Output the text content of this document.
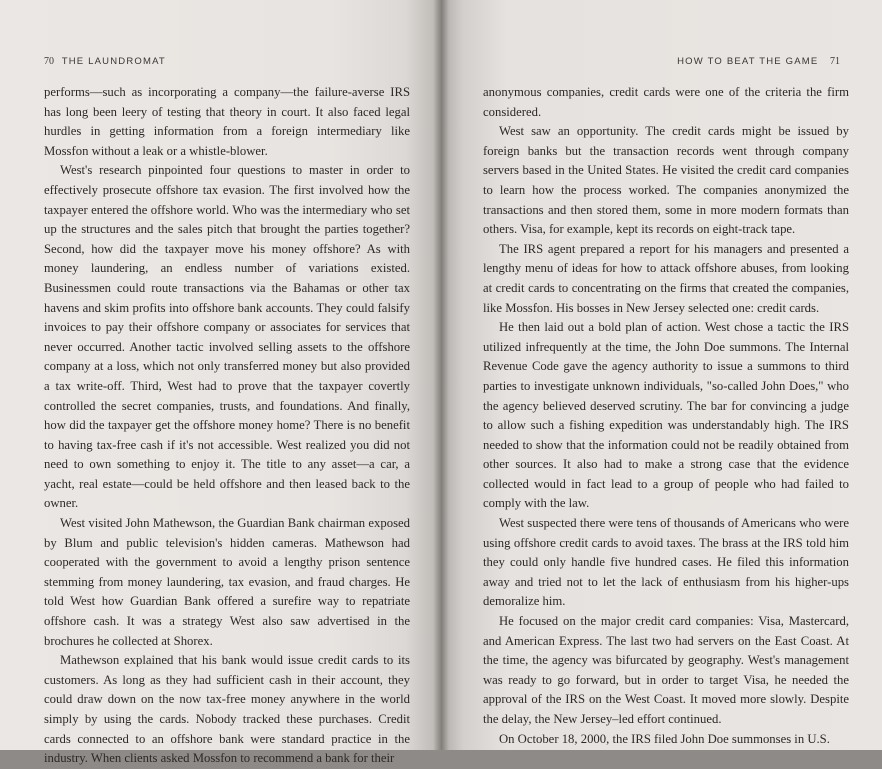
70 THE LAUNDROMAT

performs—such as incorporating a company—the failure-averse IRS has long been leery of testing that theory in court. It also faced legal hurdles in getting information from a foreign intermediary like Mossfon without a leak or a whistle-blower.

West's research pinpointed four questions to master in order to effectively prosecute offshore tax evasion. The first involved how the taxpayer entered the offshore world. Who was the intermediary who set up the structures and the sales pitch that brought the parties together? Second, how did the taxpayer move his money offshore? As with money laundering, an endless number of variations existed. Businessmen could route transactions via the Bahamas or other tax havens and skim profits into offshore bank accounts. They could falsify invoices to pay their offshore company or associates for services that never occurred. Another tactic involved selling assets to the offshore company at a loss, which not only transferred money but also provided a tax write-off. Third, West had to prove that the taxpayer covertly controlled the secret companies, trusts, and foundations. And finally, how did the taxpayer get the offshore money home? There is no benefit to having tax-free cash if it's not accessible. West realized you did not need to own something to enjoy it. The title to any asset—a car, a yacht, real estate—could be held offshore and then leased back to the owner.

West visited John Mathewson, the Guardian Bank chairman exposed by Blum and public television's hidden cameras. Mathewson had cooperated with the government to avoid a lengthy prison sentence stemming from money laundering, tax evasion, and fraud charges. He told West how Guardian Bank offered a surefire way to repatriate offshore cash. It was a strategy West also saw advertised in the brochures he collected at Shorex.

Mathewson explained that his bank would issue credit cards to its customers. As long as they had sufficient cash in their account, they could draw down on the now tax-free money anywhere in the world simply by using the cards. Nobody tracked these purchases. Credit cards connected to an offshore bank were standard practice in the industry. When clients asked Mossfon to recommend a bank for their

HOW TO BEAT THE GAME 71

anonymous companies, credit cards were one of the criteria the firm considered.

West saw an opportunity. The credit cards might be issued by foreign banks but the transaction records went through company servers based in the United States. He visited the credit card companies to learn how the process worked. The companies anonymized the transactions and then stored them, some in more modern formats than others. Visa, for example, kept its records on eight-track tape.

The IRS agent prepared a report for his managers and presented a lengthy menu of ideas for how to attack offshore abuses, from looking at credit cards to concentrating on the firms that created the companies, like Mossfon. His bosses in New Jersey selected one: credit cards.

He then laid out a bold plan of action. West chose a tactic the IRS utilized infrequently at the time, the John Doe summons. The Internal Revenue Code gave the agency authority to issue a summons to third parties to investigate unknown individuals, "so-called John Does," who the agency believed deserved scrutiny. The bar for convincing a judge to allow such a fishing expedition was understandably high. The IRS needed to show that the information could not be readily obtained from other sources. It also had to make a strong case that the evidence collected would in fact lead to a group of people who had failed to comply with the law.

West suspected there were tens of thousands of Americans who were using offshore credit cards to avoid taxes. The brass at the IRS told him they could only handle five hundred cases. He filed this information away and tried not to let the lack of enthusiasm from his higher-ups demoralize him.

He focused on the major credit card companies: Visa, Mastercard, and American Express. The last two had servers on the East Coast. At the time, the agency was bifurcated by geography. West's management was ready to go forward, but in order to target Visa, he needed the approval of the IRS on the West Coast. It moved more slowly. Despite the delay, the New Jersey–led effort continued.

On October 18, 2000, the IRS filed John Doe summonses in U.S.
